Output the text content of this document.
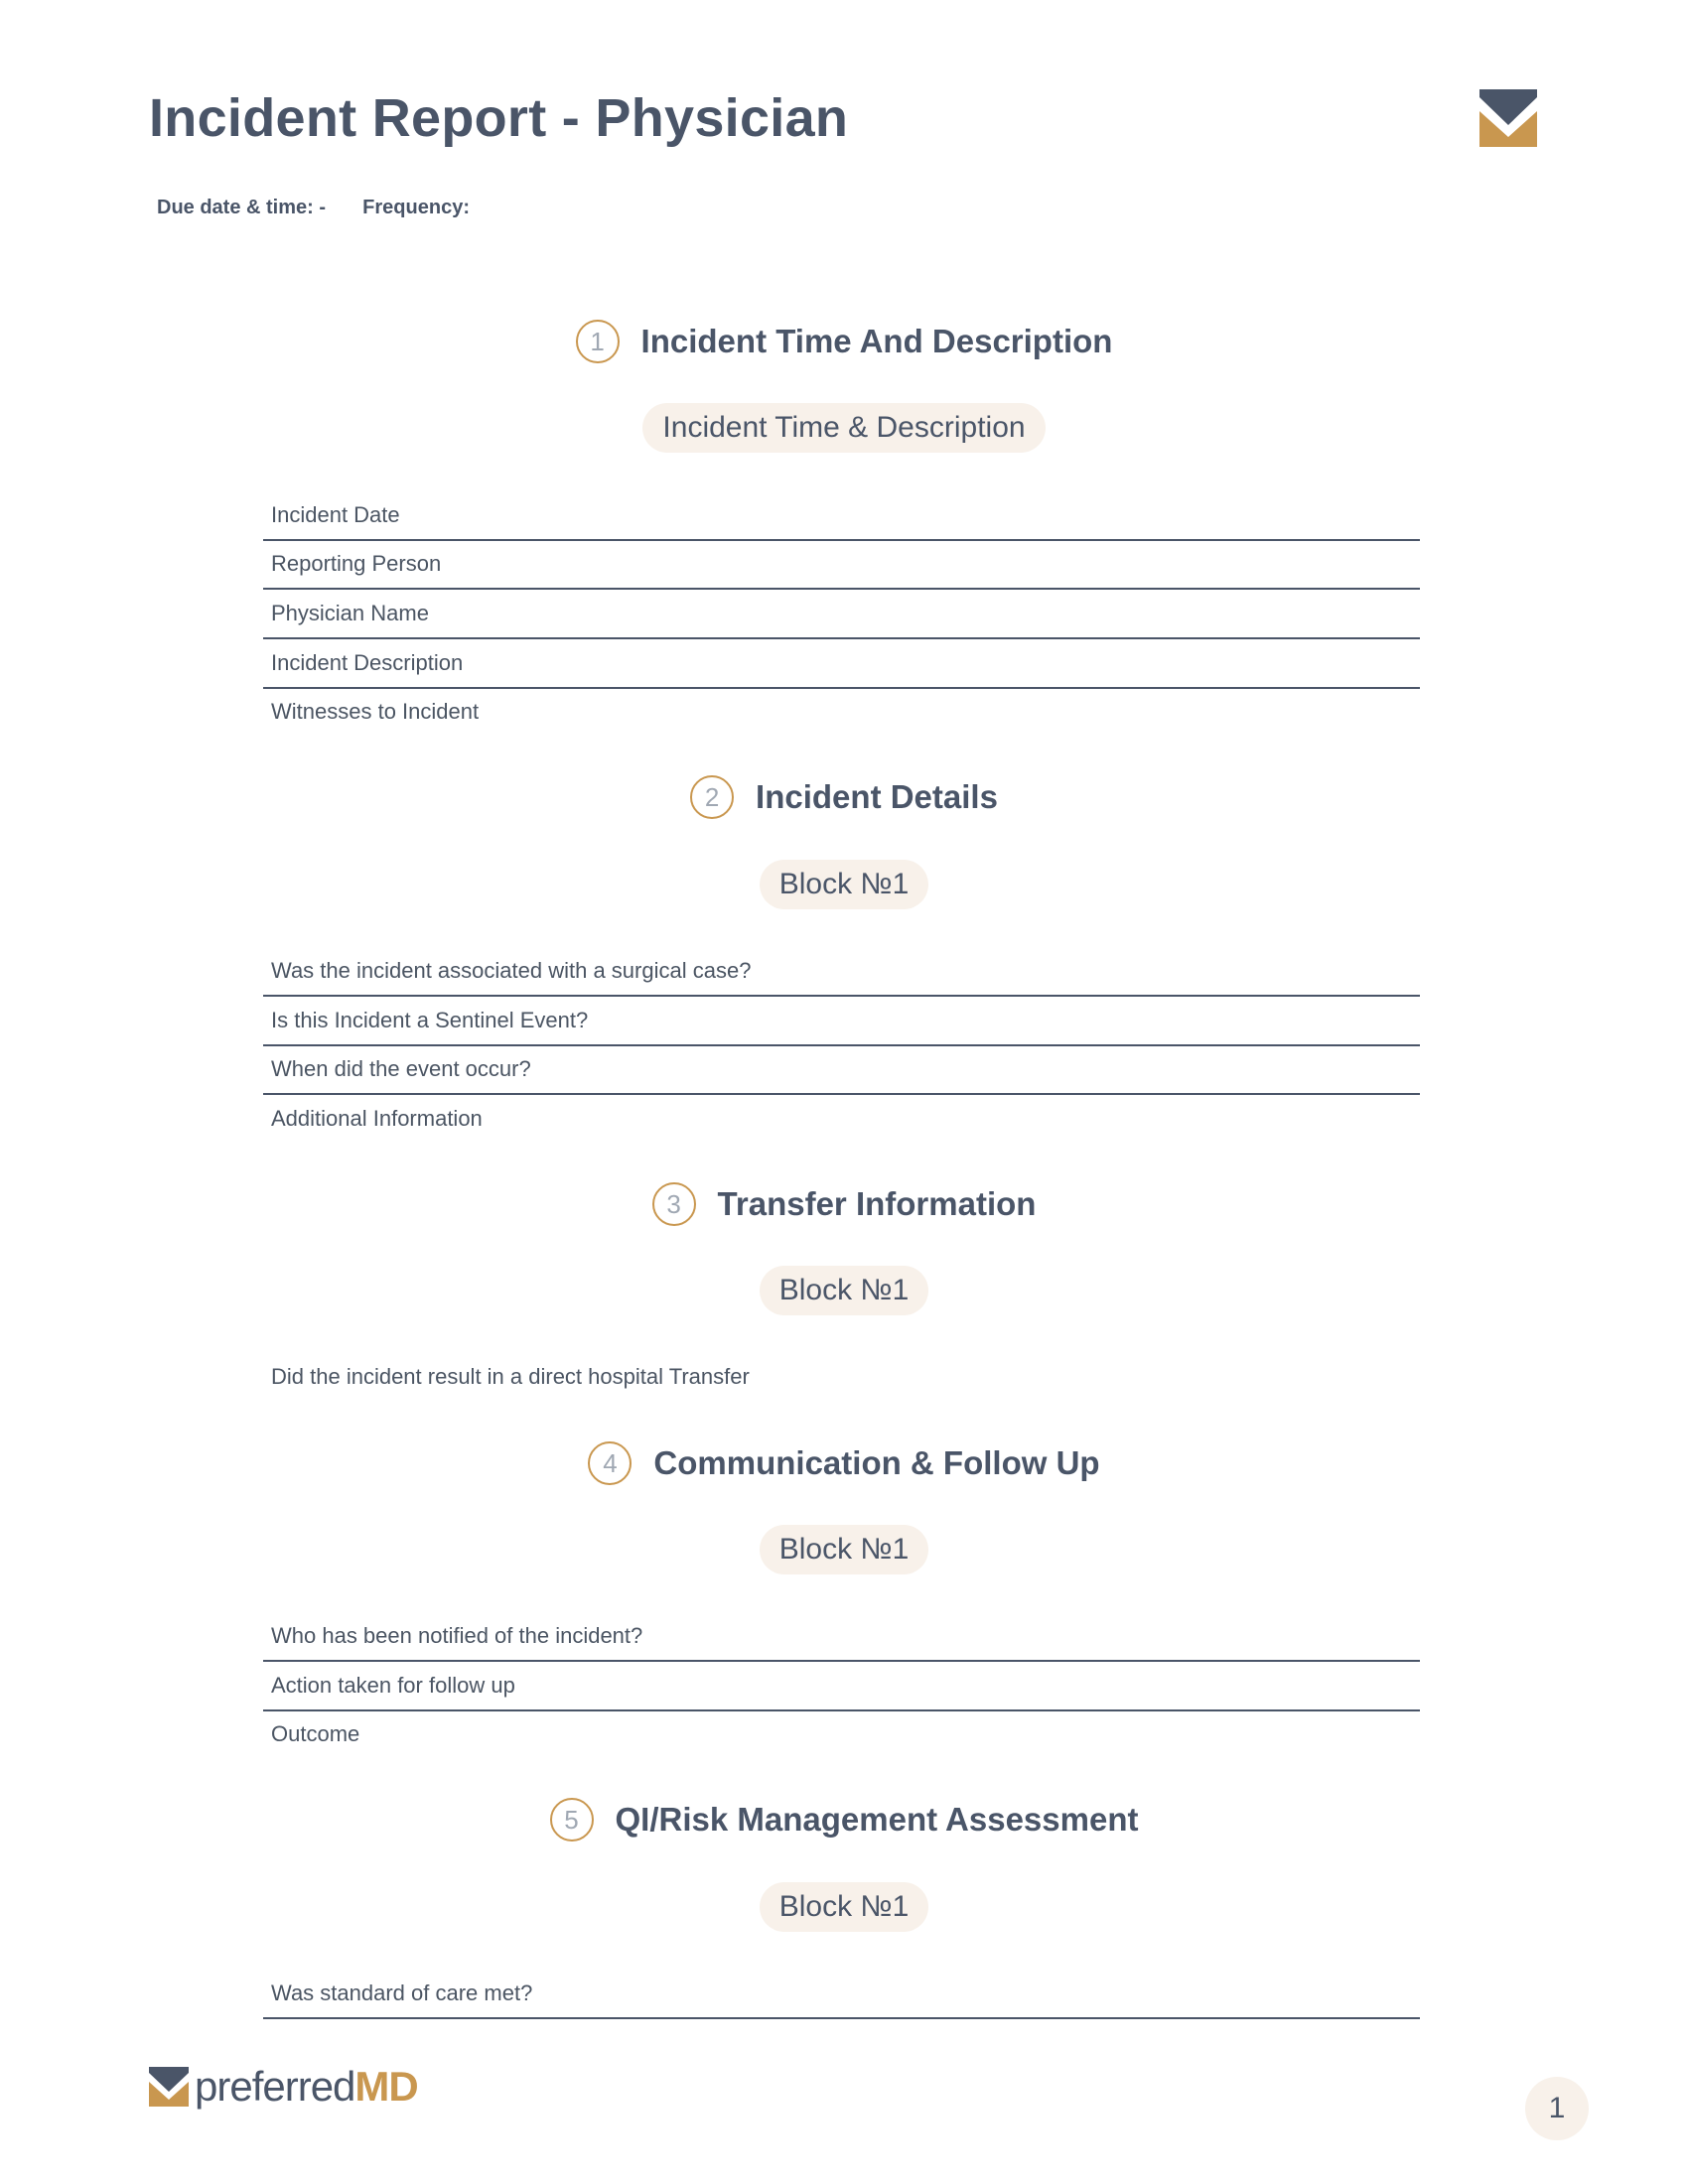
Incident Report - Physician
Due date & time: - Frequency:
1	Incident Time And Description
Incident Time & Description
Incident Date
Reporting Person
Physician Name
Incident Description
Witnesses to Incident
2	Incident Details
Block №1
Was the incident associated with a surgical case?
Is this Incident a Sentinel Event?
When did the event occur?
Additional Information
3	Transfer Information
Block №1
Did the incident result in a direct hospital Transfer
4	Communication & Follow Up
Block №1
Who has been notified of the incident?
Action taken for follow up
Outcome
5	QI/Risk Management Assessment
Block №1
Was standard of care met?
preferred MD	1
